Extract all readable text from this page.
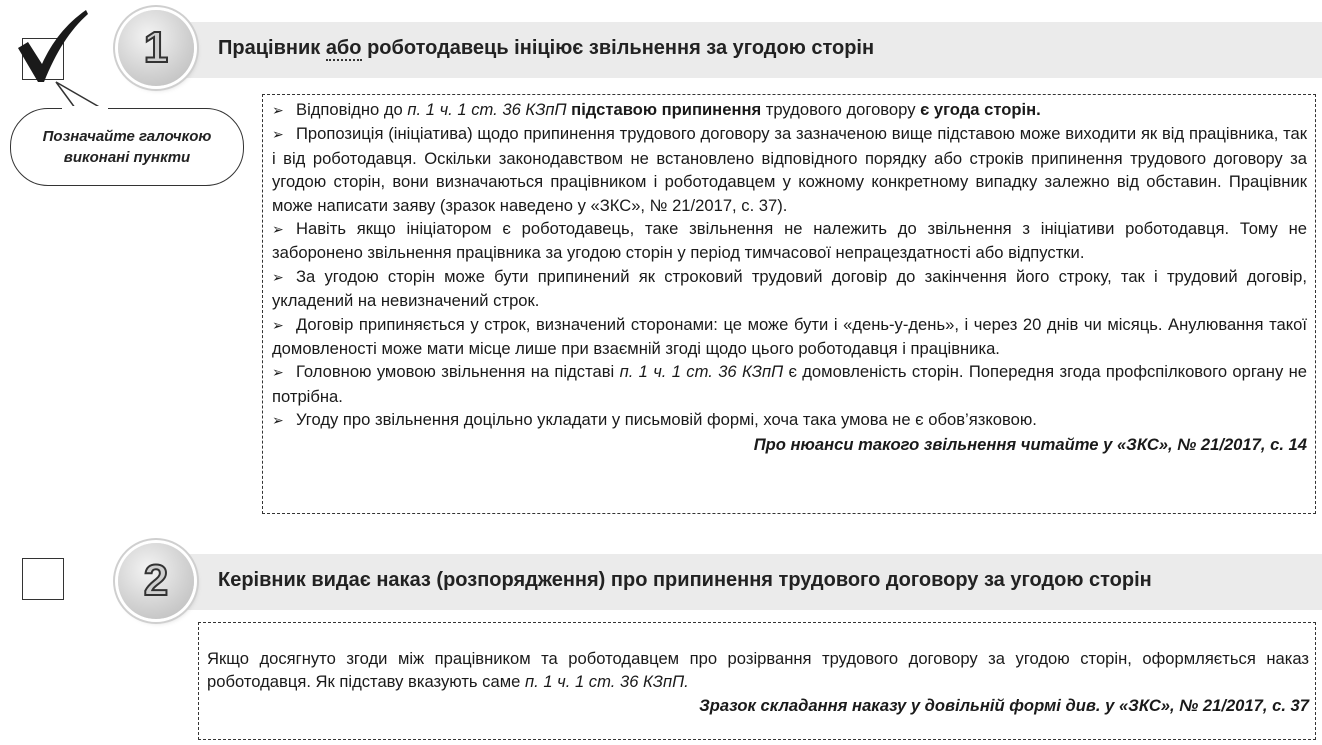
1 Працівник або роботодавець ініціює звільнення за угодою сторін
Позначайте галочкою виконані пункти

➢ Відповідно до п. 1 ч. 1 ст. 36 КЗпП підставою припинення трудового договору є угода сторін.

➢ Пропозиція (ініціатива) щодо припинення трудового договору за зазначеною вище підставою може виходити як від працівника, так і від роботодавця. Оскільки законодавством не встановлено відповідного порядку або строків припинення трудового договору за угодою сторін, вони визначаються працівником і роботодавцем у кожному конкретному випадку залежно від обставин. Працівник може написати заяву (зразок наведено у «ЗКС», № 21/2017, с. 37).

➢ Навіть якщо ініціатором є роботодавець, таке звільнення не належить до звільнення з ініціативи роботодавця. Тому не заборонено звільнення працівника за угодою сторін у період тимчасової непрацездатності або відпустки.

➢ За угодою сторін може бути припинений як строковий трудовий договір до закінчення його строку, так і трудовий договір, укладений на невизначений строк.

➢ Договір припиняється у строк, визначений сторонами: це може бути і «день-у-день», і через 20 днів чи місяць. Анулювання такої домовленості може мати місце лише при взаємній згоді щодо цього роботодавця і працівника.

➢ Головною умовою звільнення на підставі п. 1 ч. 1 ст. 36 КЗпП є домовленість сторін. Попередня згода профспілкового органу не потрібна.

➢ Угоду про звільнення доцільно укладати у письмовій формі, хоча така умова не є обов’язковою.

Про нюанси такого звільнення читайте у «ЗКС», № 21/2017, с. 14

2 Керівник видає наказ (розпорядження) про припинення трудового договору за угодою сторін

Якщо досягнуто згоди між працівником та роботодавцем про розірвання трудового договору за угодою сторін, оформляється наказ роботодавця. Як підставу вказують саме п. 1 ч. 1 ст. 36 КЗпП.

Зразок складання наказу у довільній формі див. у «ЗКС», № 21/2017, с. 37
